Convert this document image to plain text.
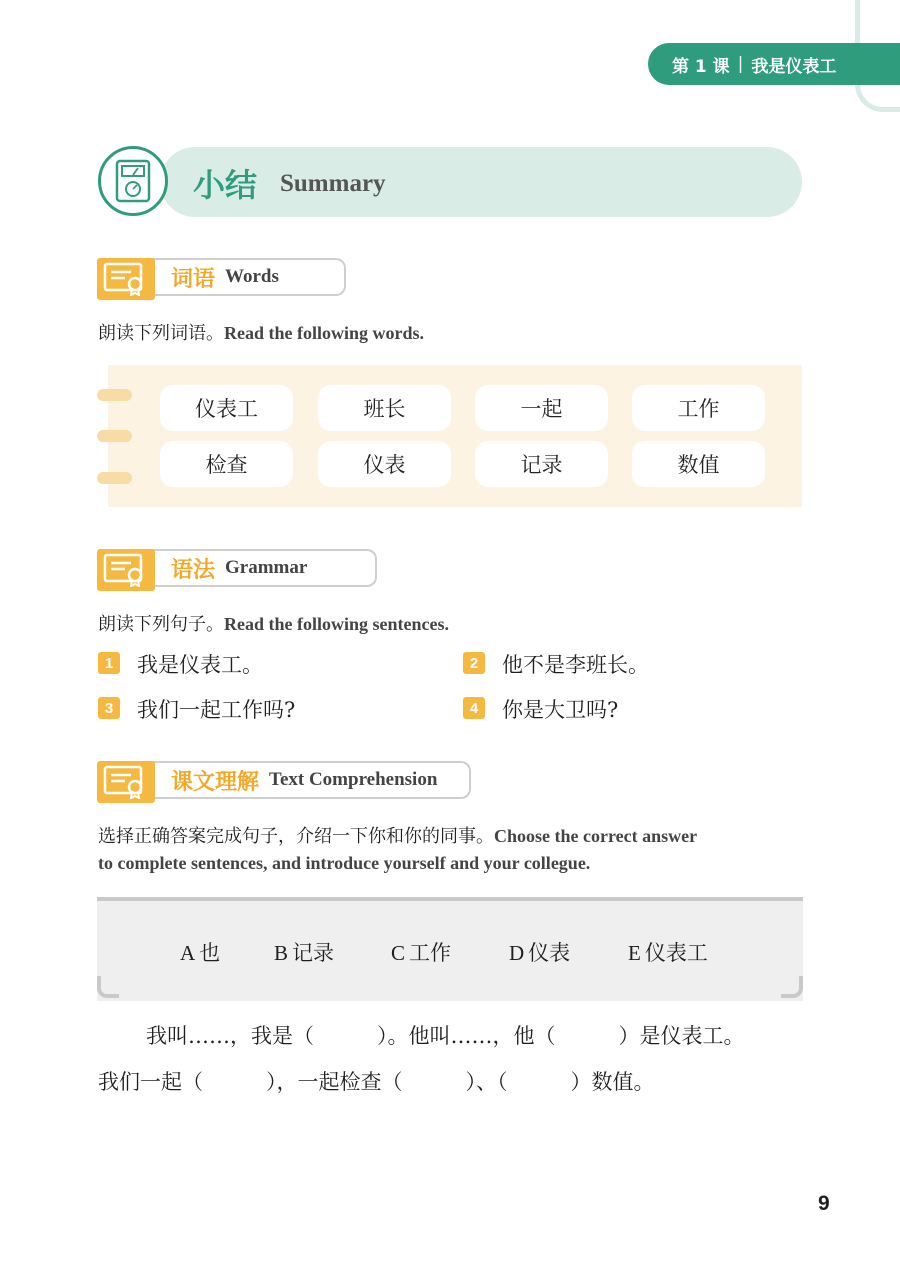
第 1 课 | 我是仪表工
小结 Summary
词语 Words
朗读下列词语。Read the following words.
仪表工	班长	一起	工作
检查	仪表	记录	数值
语法 Grammar
朗读下列句子。Read the following sentences.
1	我是仪表工。	2	他不是李班长。
3	我们一起工作吗?	4	你是大卫吗?
课文理解 Text Comprehension
选择正确答案完成句子，介绍一下你和你的同事。Choose the correct answer
to complete sentences, and introduce yourself and your collegue.
A 也	B 记录	C 工作	D 仪表	E 仪表工
我叫……，我是（　　　）。他叫……，他（　　　）是仪表工。
我们一起（　　　），一起检查（　　　）、（　　　）数值。
9
